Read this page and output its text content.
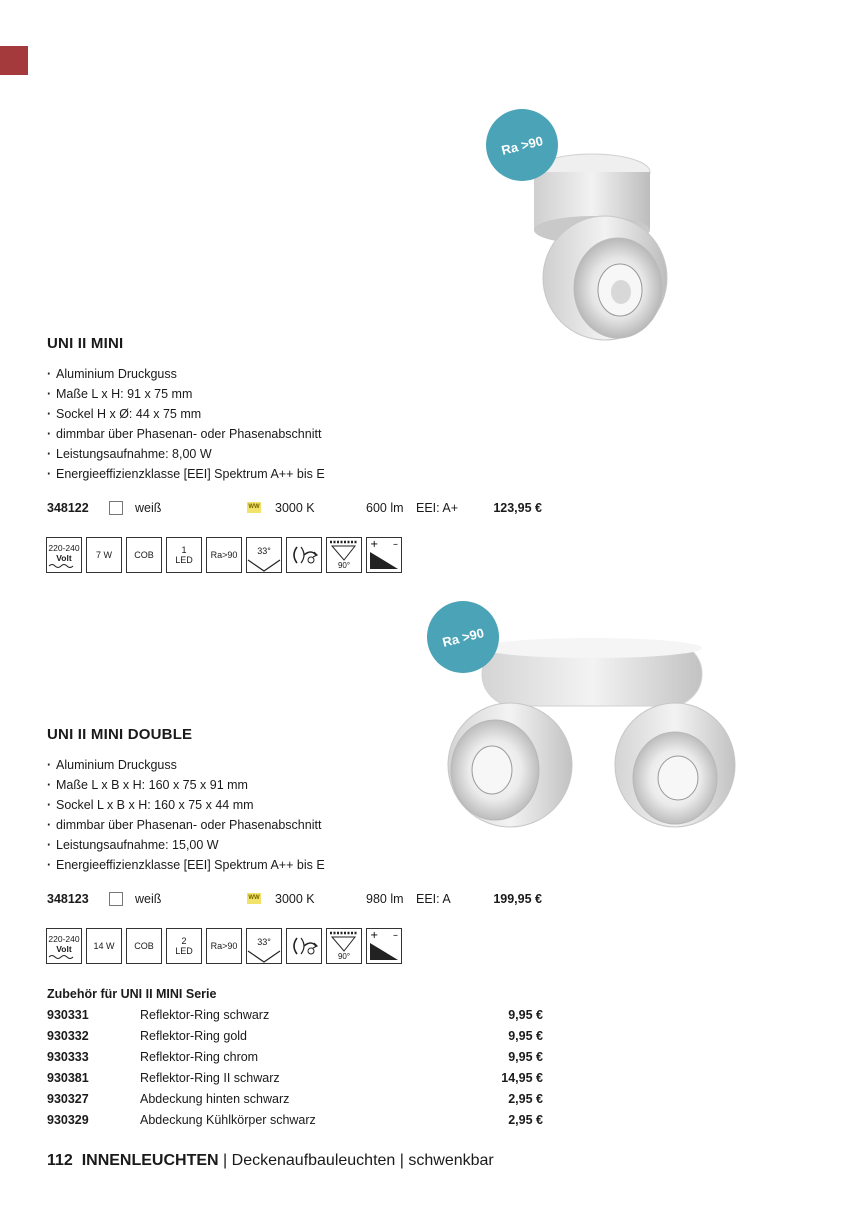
Ra >90
UNI II MINI
· Aluminium Druckguss
· Maße L x H: 91 x 75 mm
· Sockel H x Ø: 44 x 75 mm
· dimmbar über Phasenan- oder Phasenabschnitt
· Leistungsaufnahme: 8,00 W
· Energieeffizienzklasse [EEI] Spektrum A++ bis E
348122	weiß	WW 3000 K	600 lm EEI: A+	123,95 €
220-240
Volt	7 W	COB	1
LED	Ra>90	33°
90°
+ –
Ra >90
UNI II MINI DOUBLE
· Aluminium Druckguss
· Maße L x B x H: 160 x 75 x 91 mm
· Sockel L x B x H: 160 x 75 x 44 mm
· dimmbar über Phasenan- oder Phasenabschnitt
· Leistungsaufnahme: 15,00 W
· Energieeffizienzklasse [EEI] Spektrum A++ bis E
348123	weiß	WW 3000 K	980 lm EEI: A	199,95 €
220-240
Volt	14 W	COB	2
LED	Ra>90	33°
90°
+ –
Zubehör für UNI II MINI Serie
930331	Reflektor-Ring schwarz	9,95 €
930332	Reflektor-Ring gold	9,95 €
930333	Reflektor-Ring chrom	9,95 €
930381	Reflektor-Ring II schwarz	14,95 €
930327	Abdeckung hinten schwarz	2,95 €
930329	Abdeckung Kühlkörper schwarz	2,95 €
112 INNENLEUCHTEN | Deckenaufbauleuchten | schwenkbar
